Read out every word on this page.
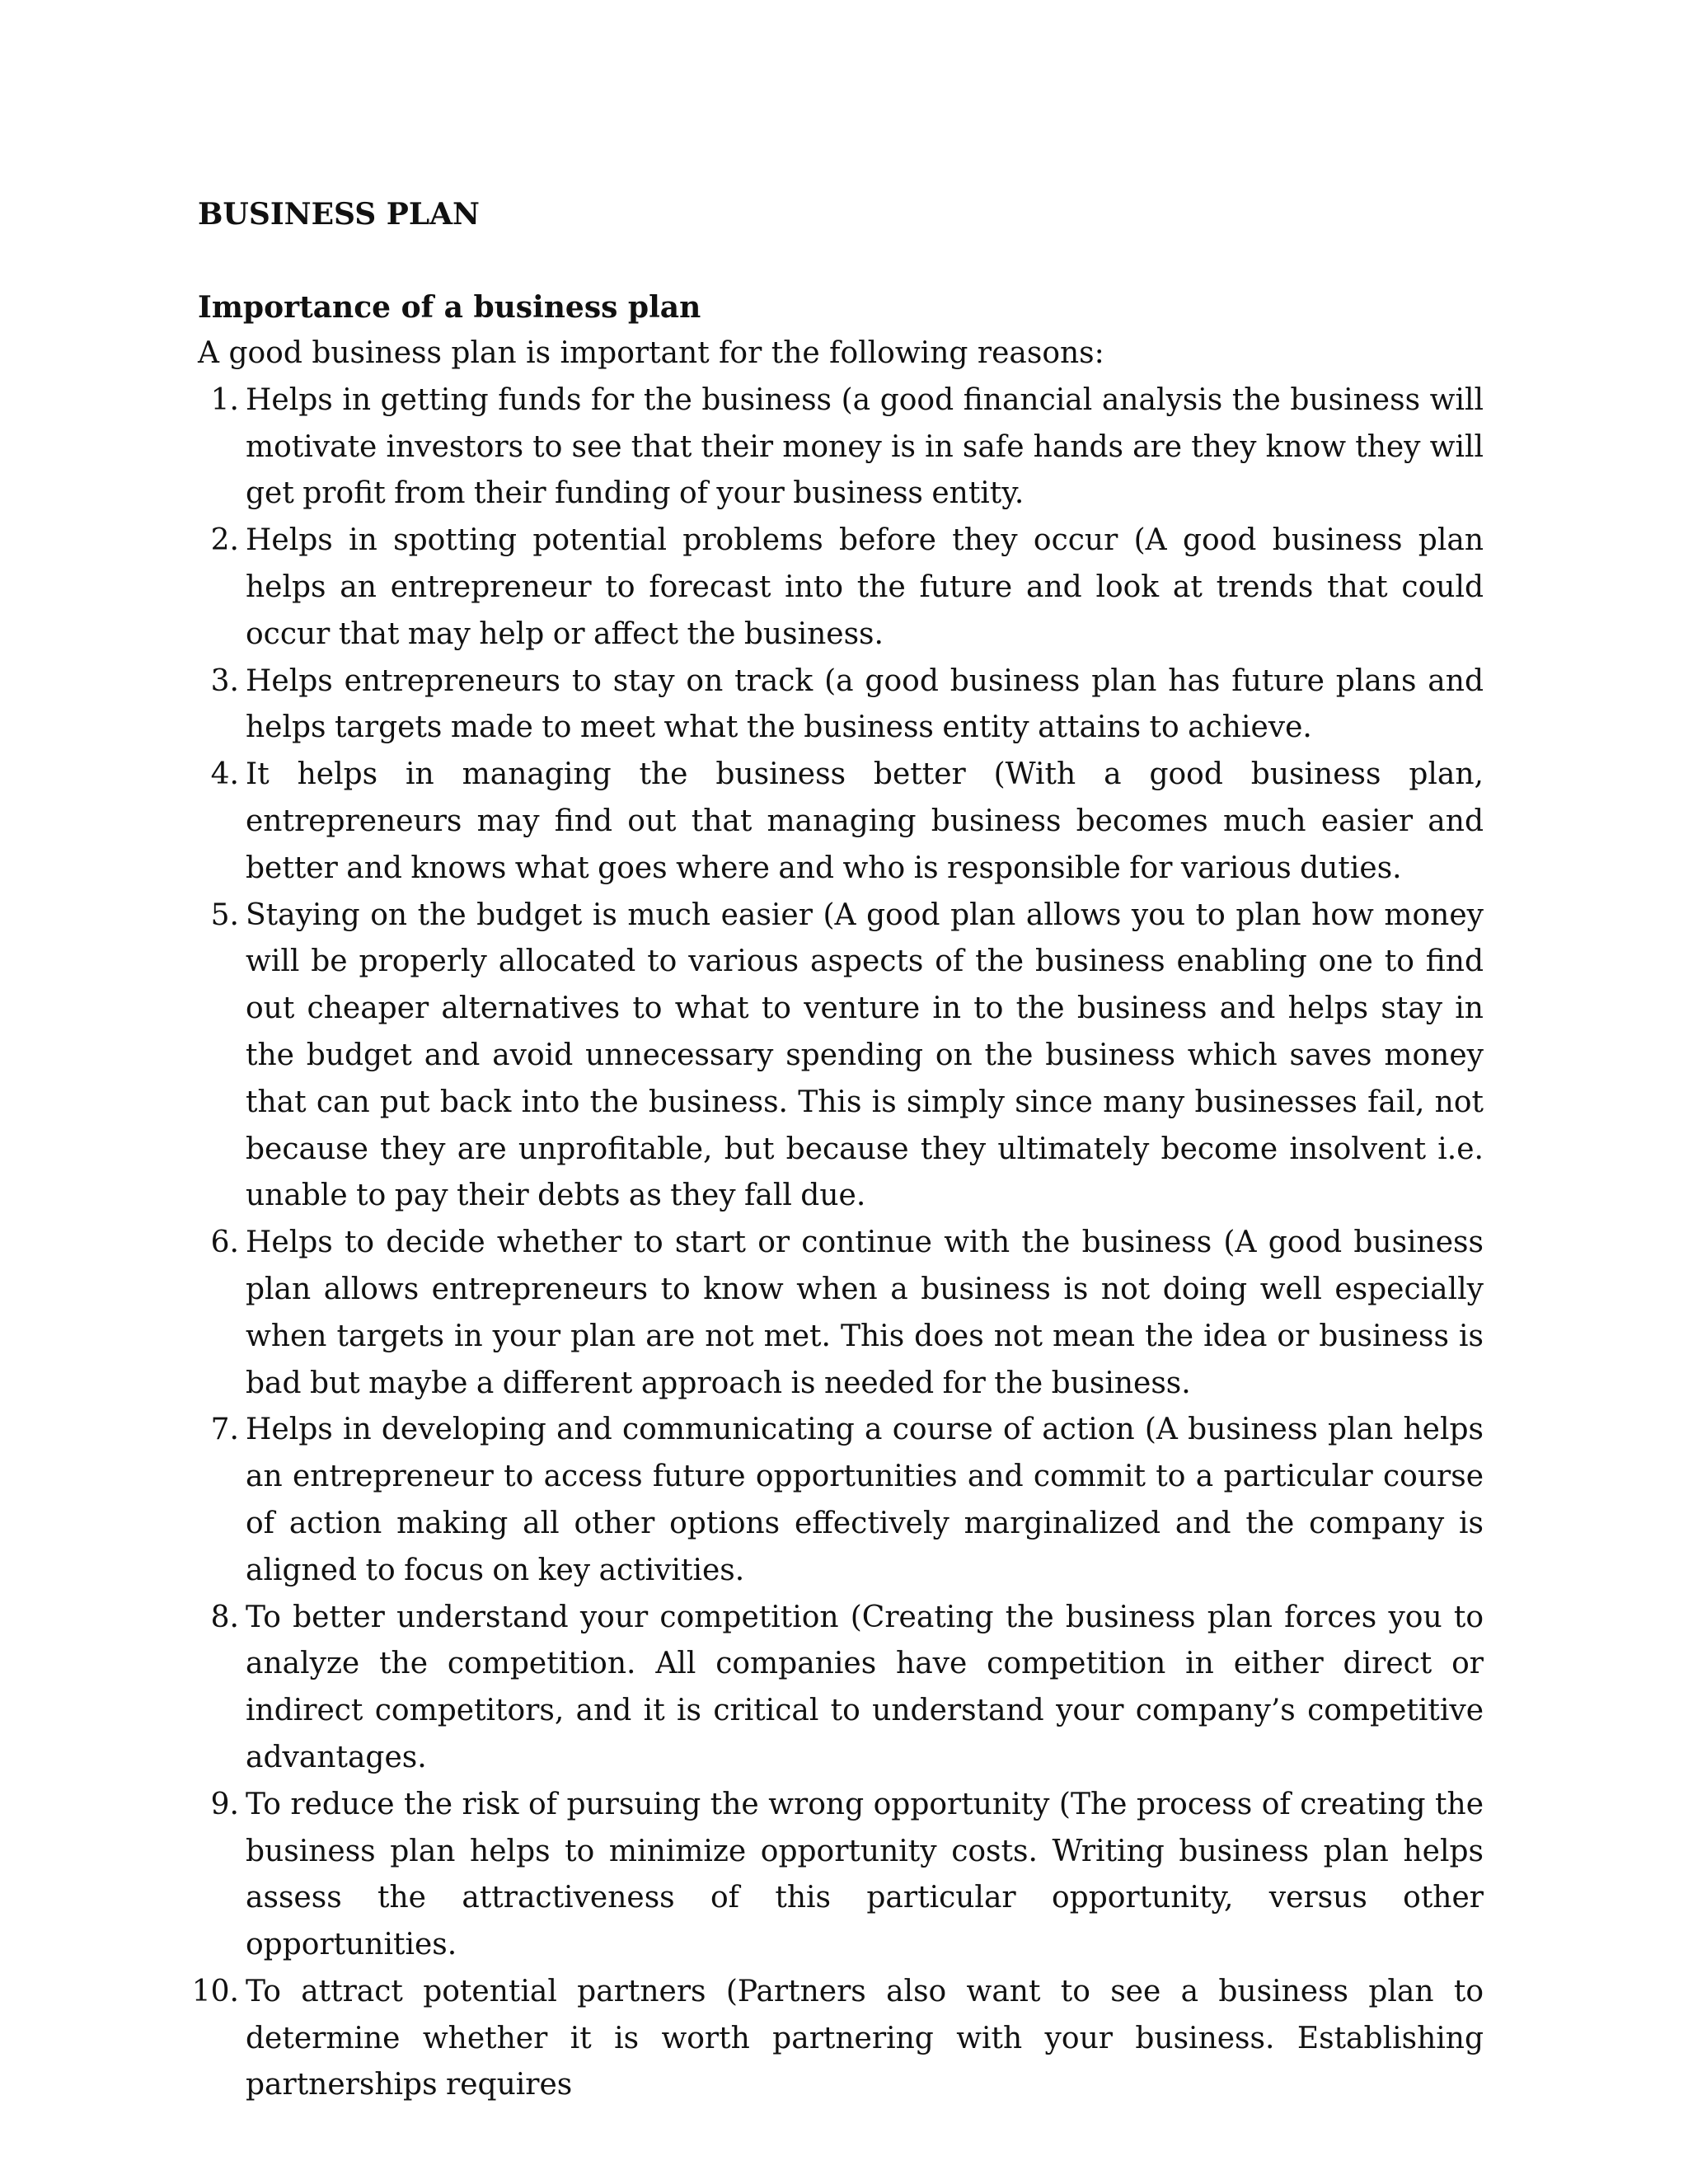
BUSINESS PLAN
Importance of a business plan

A good business plan is important for the following reasons:

1. Helps in getting funds for the business (a good financial analysis the business will motivate investors to see that their money is in safe hands are they know they will get profit from their funding of your business entity.
2. Helps in spotting potential problems before they occur (A good business plan helps an entrepreneur to forecast into the future and look at trends that could occur that may help or affect the business.
3. Helps entrepreneurs to stay on track (a good business plan has future plans and helps targets made to meet what the business entity attains to achieve.
4. It helps in managing the business better (With a good business plan, entrepreneurs may find out that managing business becomes much easier and better and knows what goes where and who is responsible for various duties.
5. Staying on the budget is much easier (A good plan allows you to plan how money will be properly allocated to various aspects of the business enabling one to find out cheaper alternatives to what to venture in to the business and helps stay in the budget and avoid unnecessary spending on the business which saves money that can put back into the business. This is simply since many businesses fail, not because they are unprofitable, but because they ultimately become insolvent i.e. unable to pay their debts as they fall due.
6. Helps to decide whether to start or continue with the business (A good business plan allows entrepreneurs to know when a business is not doing well especially when targets in your plan are not met. This does not mean the idea or business is bad but maybe a different approach is needed for the business.
7. Helps in developing and communicating a course of action (A business plan helps an entrepreneur to access future opportunities and commit to a particular course of action making all other options effectively marginalized and the company is aligned to focus on key activities.
8. To better understand your competition (Creating the business plan forces you to analyze the competition. All companies have competition in either direct or indirect competitors, and it is critical to understand your company’s competitive advantages.
9. To reduce the risk of pursuing the wrong opportunity (The process of creating the business plan helps to minimize opportunity costs. Writing business plan helps assess the attractiveness of this particular opportunity, versus other opportunities.
10. To attract potential partners (Partners also want to see a business plan to determine whether it is worth partnering with your business. Establishing partnerships requires
